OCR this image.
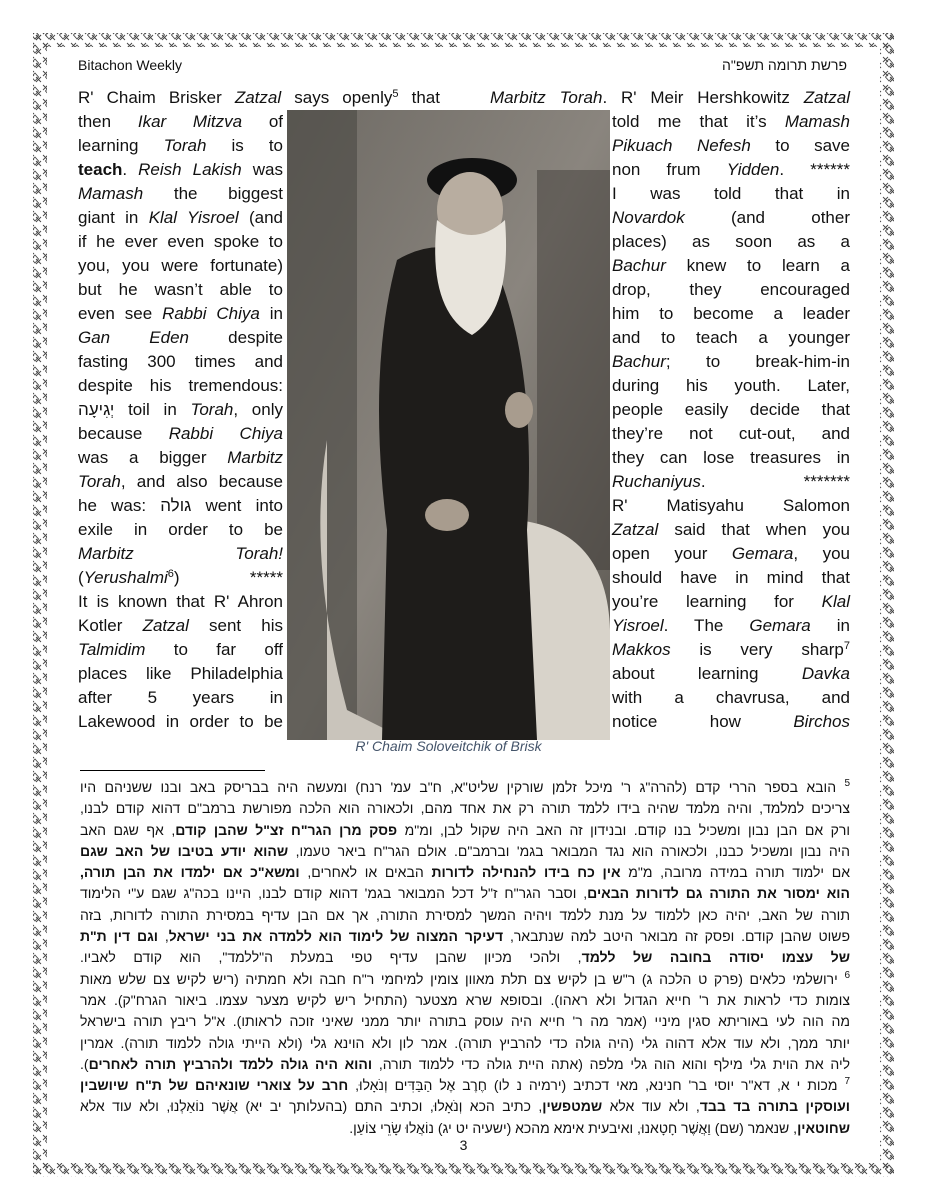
Bitachon Weekly	פרשת תרומה תשפ"ה
R' Chaim Brisker Zatzal says openly$^5$ that
then Ikar Mitzva of
learning Torah is to
teach. Reish Lakish was
Mamash the biggest
giant in Klal Yisroel (and
if he ever even spoke to
you, you were fortunate)
but he wasn’t able to
even see Rabbi Chiya in
Gan Eden despite
fasting 300 times and
despite his tremendous:
יְגִיעָה toil in Torah, only
because Rabbi Chiya
was a bigger Marbitz
Torah, and also because
he was: גולה went into
exile in order to be
Marbitz Torah!
(Yerushalmi$^6$) *****
It is known that R' Ahron
Kotler Zatzal sent his
Talmidim to far off
places like Philadelphia
after 5 years in
Lakewood in order to be
Marbitz Torah. R' Meir Hershkowitz Zatzal
told me that it’s Mamash
Pikuach Nefesh to save
non frum Yidden. ******
I was told that in
Novardok (and other
places) as soon as a
Bachur knew to learn a
drop, they encouraged
him to become a leader
and to teach a younger
Bachur; to break-him-in
during his youth. Later,
people easily decide that
they’re not cut-out, and
they can lose treasures in
Ruchaniyus. *******
R' Matisyahu Salomon
Zatzal said that when you
open your Gemara, you
should have in mind that
you’re learning for Klal
Yisroel. The Gemara in
Makkos is very sharp$^7$
about learning Davka
with a chavrusa, and
notice how Birchos
R' Chaim Soloveitchik of Brisk
$^5$ הובא בספר הררי קדם (להרה"ג ר' מיכל זלמן שורקין שליט"א, ח"ב עמ' רנח) ומעשה היה בבריסק באב ובנו ששניהם היו
צריכים למלמד, והיה מלמד שהיה בידו ללמד תורה רק את אחד מהם, ולכאורה הוא הלכה מפורשת ברמב"ם דהוא קודם לבנו,
ורק אם הבן נבון ומשכיל בנו קודם. ובנידון זה האב היה שקול לבן, ומ"מ פסק מרן הגר"ח זצ"ל שהבן קודם, אף שגם האב
היה נבון ומשכיל כבנו, ולכאורה הוא נגד המבואר בגמ' וברמב"ם. אולם הגר"ח ביאר טעמו, שהוא יודע בטיבו של האב שגם
אם ילמוד תורה במידה מרובה, מ"מ אין כח בידו להנחילה לדורות הבאים או לאחרים, ומשא"כ אם ילמדו את הבן תורה,
הוא ימסור את התורה גם לדורות הבאים, וסבר הגר"ח ז"ל דכל המבואר בגמ' דהוא קודם לבנו, היינו בכה"ג שגם ע"י הלימוד
תורה של האב, יהיה כאן ללמוד על מנת ללמד ויהיה המשך למסירת התורה, אך אם הבן עדיף במסירת התורה לדורות, בזה
פשוט שהבן קודם. ופסק זה מבואר היטב למה שנתבאר, דעיקר המצוה של לימוד הוא ללמדה את בני ישראל, וגם דין ת"ת
של עצמו יסודה בחובה של ללמד, ולהכי מכיון שהבן עדיף טפי במעלת ה"ללמד", הוא קודם לאביו.
$^6$ ירושלמי כלאים (פרק ט הלכה ג) ר"ש בן לקיש צם תלת מאוון צומין למיחמי ר"ח חבה ולא חמתיה (ריש לקיש צם שלש מאות
צומות כדי לראות את ר' חייא הגדול ולא ראהו). ובסופא שרא מצטער (התחיל ריש לקיש מצער עצמו. ביאור הגרח"ק). אמר
מה הוה לעי באוריתא סגין מיניי (אמר מה ר' חייא היה עוסק בתורה יותר ממני שאיני זוכה לראותו). א"ל ריבץ תורה בישראל
יותר ממך, ולא עוד אלא דהוה גלי (היה גולה כדי להרביץ תורה). אמר לון ולא הוינא גלי (ולא הייתי גולה ללמוד תורה). אמרין
ליה את הוית גלי מילף והוא הוה גלי מלפה (אתה היית גולה כדי ללמוד תורה, והוא היה גולה ללמד ולהרביץ תורה לאחרים).
$^7$ מכות י א, דא"ר יוסי בר' חנינא, מאי דכתיב (ירמיה נ לו) חֶרֶב אֶל הַבַּדִּים וְנֹאָלוּ, חרב על צוארי שונאיהם של ת"ח שיושבין
ועוסקין בתורה בד בבד, ולא עוד אלא שמטפשין, כתיב הכא וְנֹאָלוּ, וכתיב התם (בהעלותך יב יא) אֲשֶׁר נוֹאַלְנוּ, ולא עוד אלא
שחוטאין, שנאמר (שם) וַאֲשֶׁר חָטָאנוּ, ואיבעית אימא מהכא (ישעיה יט יג) נוֹאֲלוּ שָׂרֵי צוֹעַן.
3
